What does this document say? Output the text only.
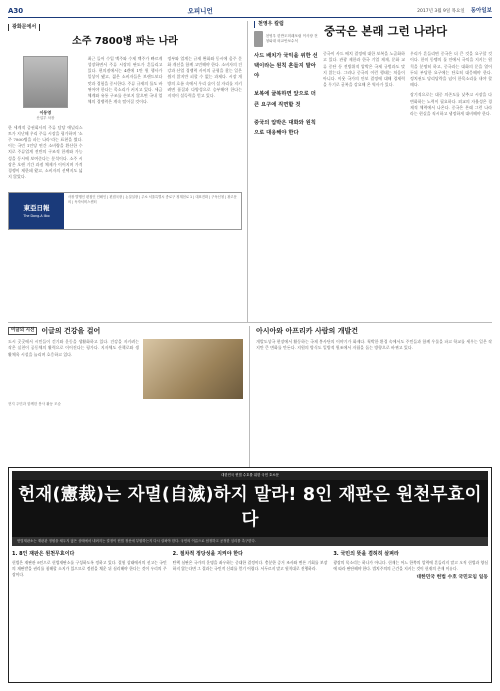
A30	오피니언	2017년 3월 9일 목요일 동아일보
광화문에서
소주 7800병 파는 나라
이동영
산업부 차장
한 세계적 증권회사의 주류 담당 애널리스트가 지난해 우리 주류 시장을 평가하며 ‘소주 7800병을 파는 나라’라는 표현을 썼다. 이는 국민 1인당 연간 소비량을 환산한 수치로 주류업계 전반의 구조적 한계와 가능성을 동시에 보여준다는 분석이다. 소주 시장은 오랜 기간 과점 체제가 이어지며 가격 경쟁이 제한돼 왔고, 소비자의 선택지도 넓지 않았다.
최근 들어 수입 맥주와 수제 맥주가 빠르게 성장하면서 주류 시장의 판도가 흔들리고 있다. 편의점에서는 4캔에 1만 원 행사가 일상이 됐고, 젊은 소비자들은 브랜드보다 맛과 경험을 중시한다. 주류 규제의 틀도 바뀌어야 한다는 목소리가 커지고 있다. 세금 체계와 유통 구조를 손보지 않으면 국내 업체의 경쟁력은 계속 떨어질 것이다.
정부와 업계는 규제 완화와 동시에 음주 문화 개선을 함께 고민해야 한다. 소비자의 건강과 산업 경쟁력 사이의 균형을 찾는 일은 쉽지 않지만 피할 수 없는 과제다. 시장 개방의 흐름 속에서 우리 술이 설 자리를 지키려면 품질과 다양성으로 승부해야 한다는 지적이 설득력을 얻고 있다.
東亞日報
The Dong-A Ilbo
사장 발행인 편집인 인쇄인 | 편집국장 | 논설실장 | 주소 서울특별시 종로구 청계천로 1 | 대표전화 | 구독신청 | 광고문의 | 독자서비스센터
천영우 칼럼
천영우 한반도미래포럼 이사장 전 청와대 외교안보수석
중국은 본래 그런 나라다
사드 배치가 국익을 위한 선택이라는 원칙 흔들지 말아야
보복에 굴복하면 앞으로 더 큰 요구에 직면할 것
중국의 압박은 대화와 원칙으로 대응해야 한다
중국이 사드 배치 결정에 대한 보복을 노골화하고 있다. 관광 제한과 한국 기업 제재, 문화 교류 중단 등 전방위적 압박은 국제 규범과도 맞지 않는다. 그러나 중국의 이런 행태는 처음이 아니다. 이웃 국가의 안보 결정에 대해 경제력을 무기로 굴복을 강요해 온 역사가 있다.
우리가 흔들리면 중국은 더 큰 것을 요구할 것이다. 한미 동맹의 틀 안에서 국익을 지키는 원칙을 분명히 하고, 중국과는 대화의 문을 열어두되 부당한 요구에는 단호히 대응해야 한다. 정치권도 당리당략을 넘어 한목소리를 내야 할 때다.
장기적으로는 대중 의존도를 낮추고 시장을 다변화하는 노력이 필요하다. 외교의 자율성은 경제적 체력에서 나온다. 중국은 본래 그런 나라라는 현실을 직시하고 냉정하게 대비해야 한다.
이글의 시선	이글의 건강을 걸어
도시 곳곳에서 시민들이 걷기와 운동을 생활화하고 있다. 건강을 지키려는 작은 실천이 공동체의 활력으로 이어진다는 평가다. 지자체도 산책로와 생활체육 시설을 늘리며 호응하고 있다.
현지 주민과 함께한 봉사 활동 모습
아시아와 아프리카 사람의 개발건
개발도상국 현장에서 활동하는 국제 봉사단의 이야기가 화제다. 척박한 환경 속에서도 주민들과 함께 우물을 파고 학교를 세우는 일은 작지만 큰 변화를 만든다. 지원의 방식도 일방적 원조에서 자립을 돕는 방향으로 바뀌고 있다.
대한민국 헌법 수호를 위한 국민 호소문
헌재(憲裁)는 자멸(自滅)하지 말라! 8인 재판은 원천무효이다
헌법재판소는 재판관 정원을 채우지 않은 상태에서 내려지는 결정이 헌법 정신에 부합하는지 다시 살펴야 한다. 국민의 이름으로 엄정하고 공정한 심리를 촉구한다.
1. 8인 재판은 원천무효이다

헌법은 재판관 9인으로 헌법재판소를 구성하도록 정하고 있다. 결원 상태에서의 선고는 국민의 재판받을 권리를 침해할 소지가 있으므로 정원을 채운 뒤 심리해야 한다는 것이 우리의 주장이다.

2. 절차적 정당성을 지켜야 한다

탄핵 심판은 국가의 운명을 좌우하는 중대한 결정이다. 충분한 증거 조사와 변론 기회를 보장하지 않는다면 그 결과는 국민적 신뢰를 얻기 어렵다. 서두르지 말고 원칙대로 진행하라.

3. 국민의 뜻을 겸허히 살펴라

광장의 목소리는 하나가 아니다. 헌재는 어느 한쪽의 압력에 흔들리지 말고 오직 헌법과 양심에 따라 판단해야 한다. 법치주의의 근간을 지키는 것이 헌재의 존재 이유다.

대한민국 헌법 수호 국민모임 일동
